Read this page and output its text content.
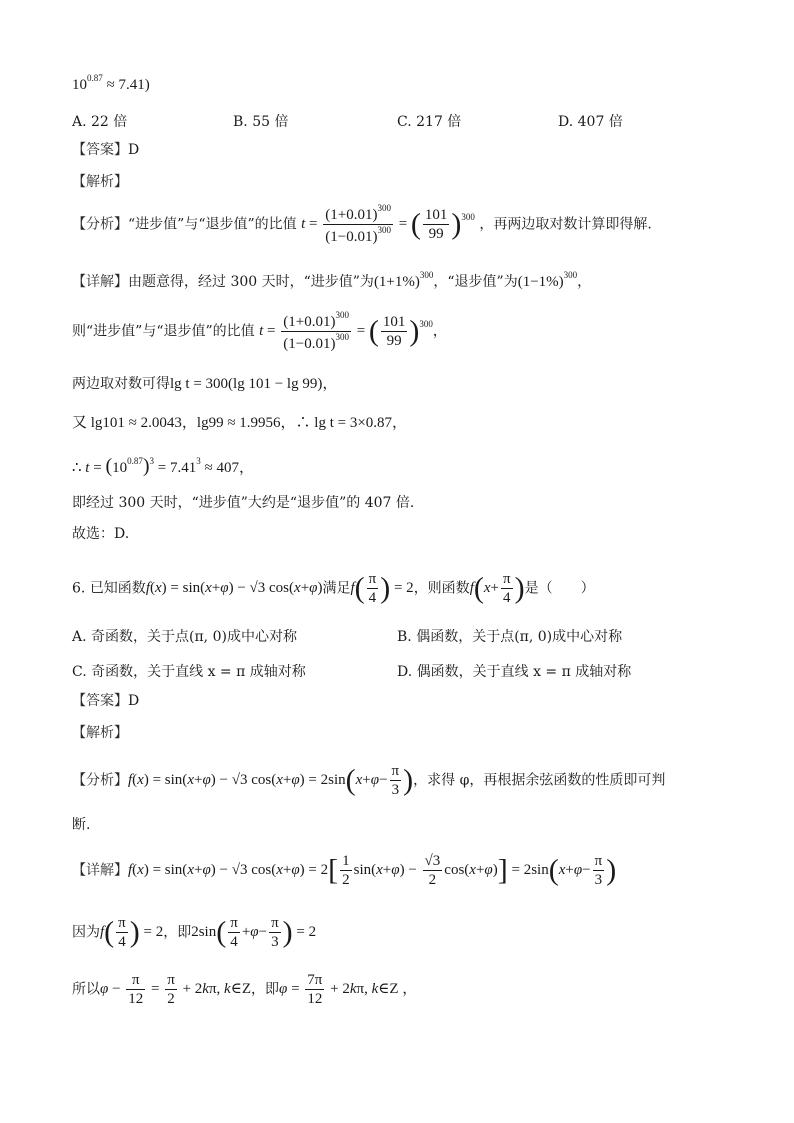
$10^{0.87} \approx 7.41$)
A. 22 倍	B. 55 倍	C. 217 倍	D. 407 倍
【答案】D
【解析】
【分析】“进步值”与“退步值”的比值 $t = \frac{(1+0.01)^{300}}{(1-0.01)^{300}}$ = ( $\frac{101}{99} )^{300}$ ，再两边取对数计算即得解.
【详解】由题意得，经过 300 天时，“进步值”为$(1+1\%)^{300}$，“退步值”为$(1-1\%)^{300}$，
则“进步值”与“退步值”的比值 $t = \frac{(1+0.01)^{300}}{(1-0.01)^{300}}$ = ( $\frac{101}{99} )^{300}$，
两边取对数可得lg t = 300(lg 101 − lg 99)，
又 lg101 ≈ 2.0043，lg99 ≈ 1.9956，∴ lg t = 3×0.87，
∴ $t = (10^{0.87})^3 = 7.41^3 \approx 407$，
即经过 300 天时，“进步值”大约是“退步值”的 407 倍.
故选：D.
6. 已知函数f(x) = sin(x+φ) − √3 cos(x+φ)满足$f( \frac{\pi}{4}$ ) = 2，则函数$f(x+ \frac{\pi}{4}$ )是（　　）
A. 奇函数，关于点(π, 0)成中心对称	B. 偶函数，关于点(π, 0)成中心对称
C. 奇函数，关于直线 x = π 成轴对称	D. 偶函数，关于直线 x = π 成轴对称
【答案】D
【解析】
【分析】f(x) = sin(x+φ) − √3 $\cos(x+\varphi) = 2\sin(x+\varphi- \frac{\pi}{3}$ )，求得 φ，再根据余弦函数的性质即可判
断.
【详解】f(x) = sin(x+φ) − √3 $\cos(x+\varphi) = 2[ \frac{1}{2} \sin(x+\varphi) - \frac{√3}{2} \cos(x+\varphi)] = 2\sin(x+\varphi- \frac{\pi}{3}$ )
因为$f( \frac{\pi}{4}$ ) = 2，即$2\sin( \frac{\pi}{4} +\varphi- \frac{\pi}{3}$ ) = 2
所以$\varphi - \frac{\pi}{12} = \frac{\pi}{2} + 2k\pi$, k∈Z，即$\varphi = \frac{7\pi}{12} + 2k\pi$, k∈Z ，
